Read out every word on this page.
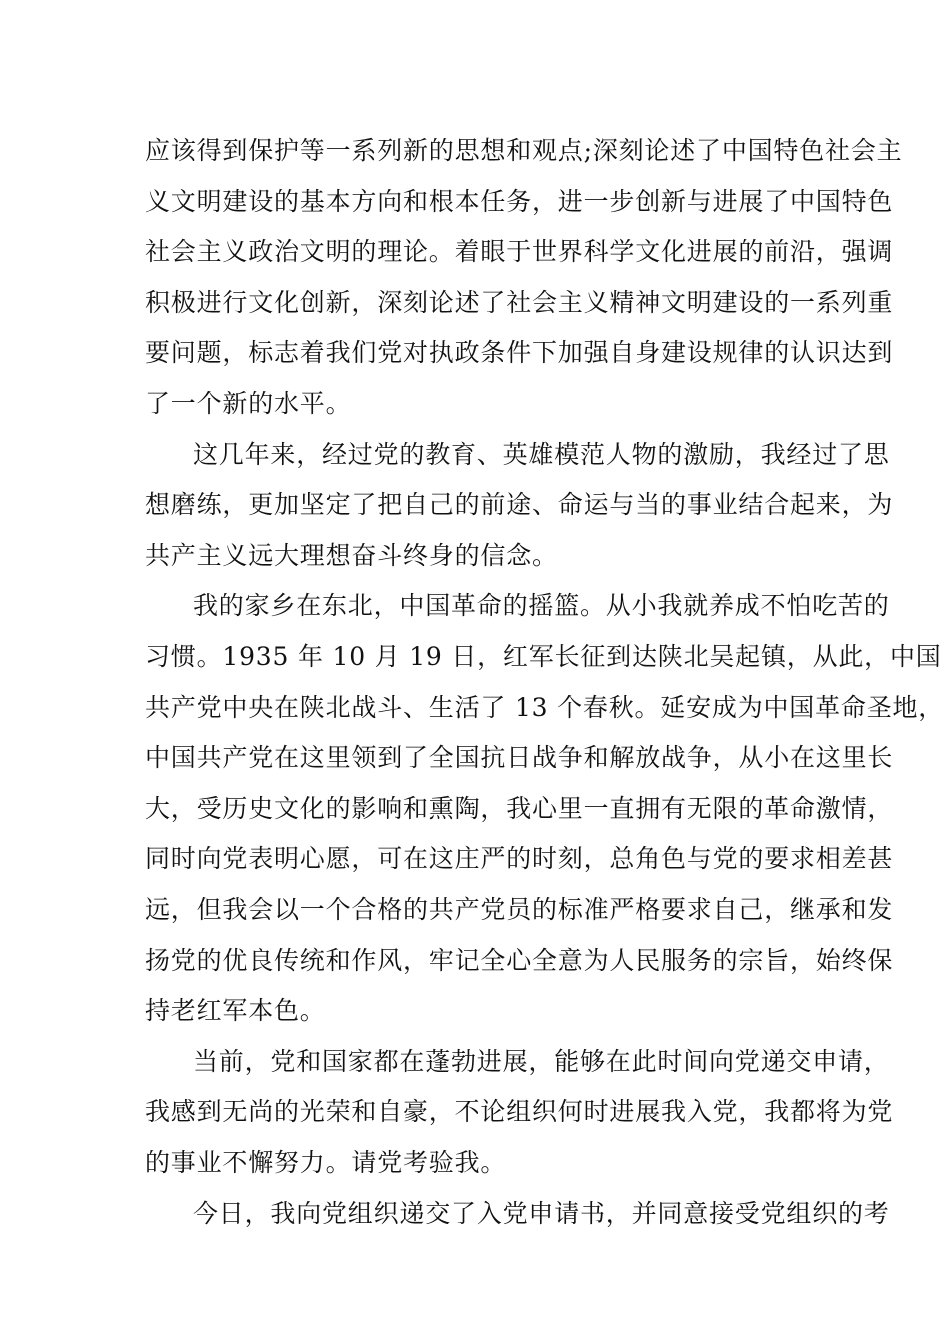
应该得到保护等一系列新的思想和观点;深刻论述了中国特色社会主
义文明建设的基本方向和根本任务，进一步创新与进展了中国特色
社会主义政治文明的理论。着眼于世界科学文化进展的前沿，强调
积极进行文化创新，深刻论述了社会主义精神文明建设的一系列重
要问题，标志着我们党对执政条件下加强自身建设规律的认识达到
了一个新的水平。
这几年来，经过党的教育、英雄模范人物的激励，我经过了思
想磨练，更加坚定了把自己的前途、命运与当的事业结合起来，为
共产主义远大理想奋斗终身的信念。
我的家乡在东北，中国革命的摇篮。从小我就养成不怕吃苦的
习惯。1935 年 10 月 19 日，红军长征到达陕北吴起镇，从此，中国
共产党中央在陕北战斗、生活了 13 个春秋。延安成为中国革命圣地，
中国共产党在这里领到了全国抗日战争和解放战争，从小在这里长
大，受历史文化的影响和熏陶，我心里一直拥有无限的革命激情，
同时向党表明心愿，可在这庄严的时刻，总角色与党的要求相差甚
远，但我会以一个合格的共产党员的标准严格要求自己，继承和发
扬党的优良传统和作风，牢记全心全意为人民服务的宗旨，始终保
持老红军本色。
当前，党和国家都在蓬勃进展，能够在此时间向党递交申请，
我感到无尚的光荣和自豪，不论组织何时进展我入党，我都将为党
的事业不懈努力。请党考验我。
今日，我向党组织递交了入党申请书，并同意接受党组织的考
